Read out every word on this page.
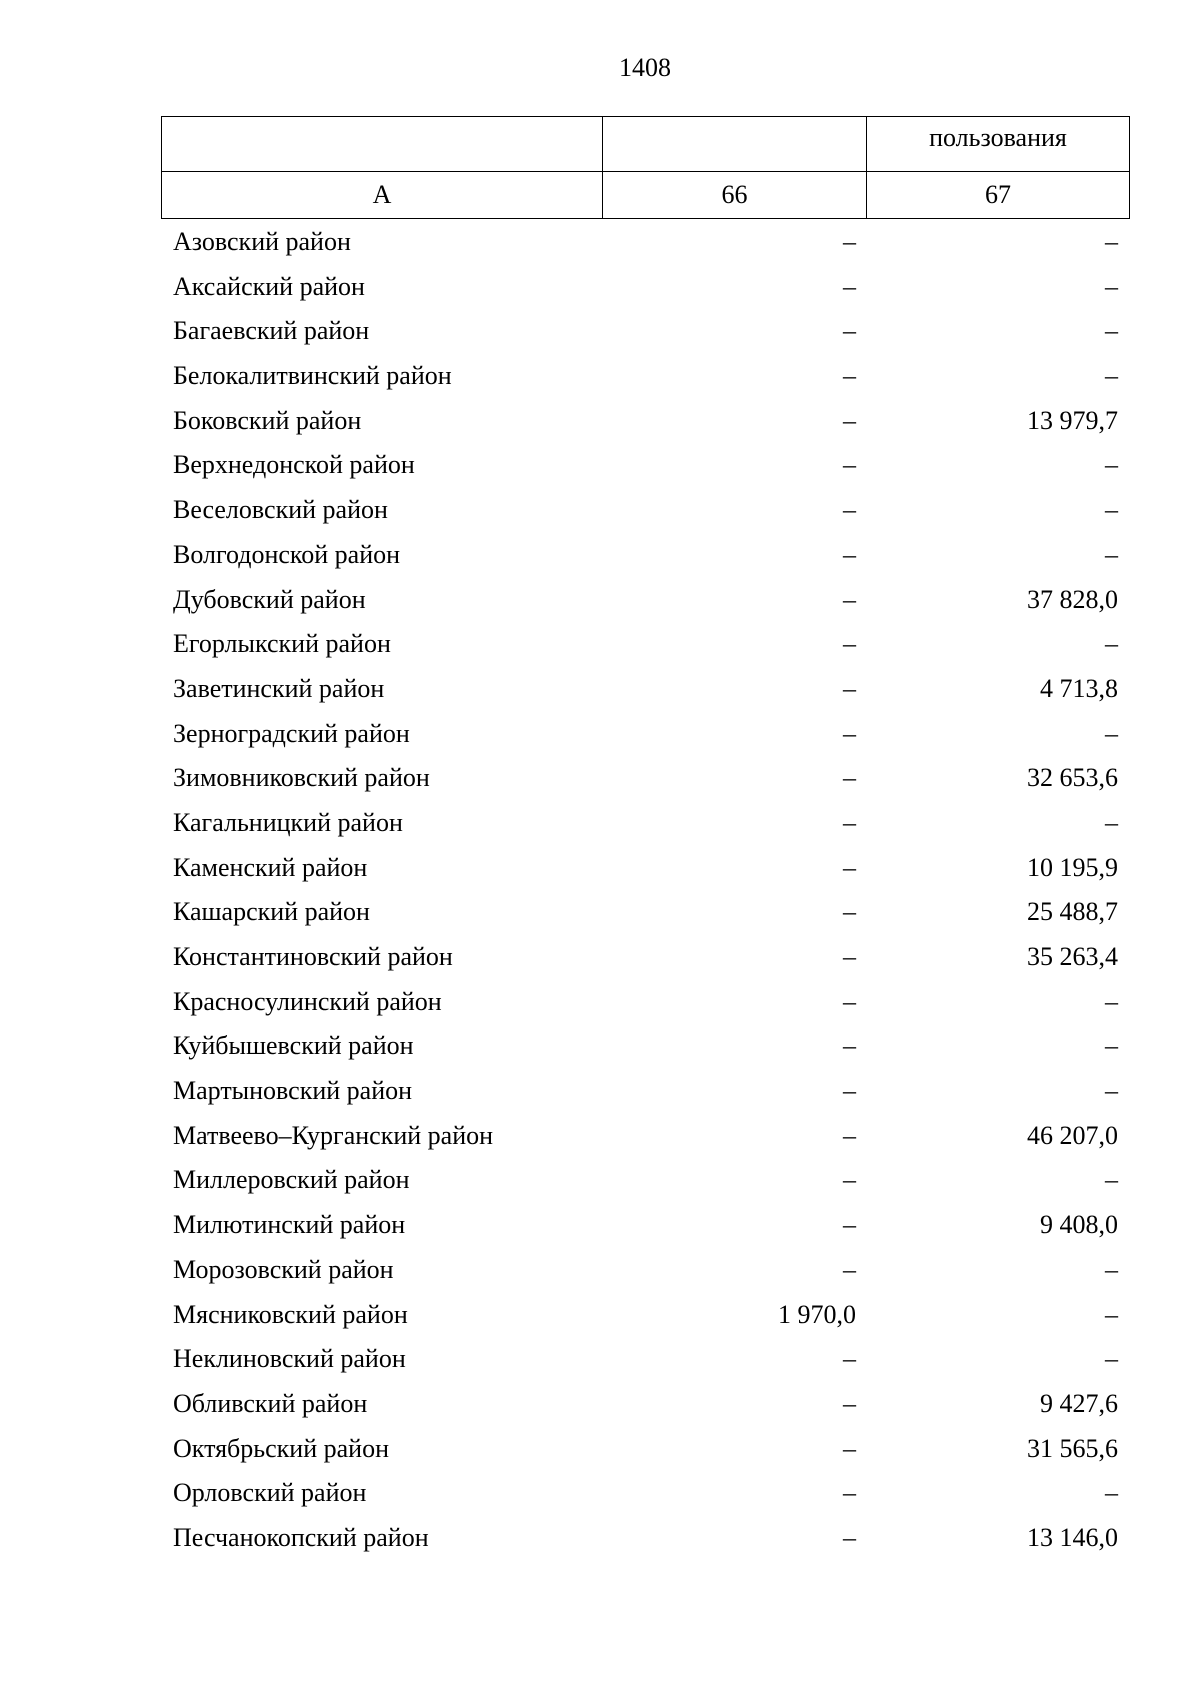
1408
		пользования
А	66	67
Азовский район	–	–
Аксайский район	–	–
Багаевский район	–	–
Белокалитвинский район	–	–
Боковский район	–	13 979,7
Верхнедонской район	–	–
Веселовский район	–	–
Волгодонской район	–	–
Дубовский район	–	37 828,0
Егорлыкский район	–	–
Заветинский район	–	4 713,8
Зерноградский район	–	–
Зимовниковский район	–	32 653,6
Кагальницкий район	–	–
Каменский район	–	10 195,9
Кашарский район	–	25 488,7
Константиновский район	–	35 263,4
Красносулинский район	–	–
Куйбышевский район	–	–
Мартыновский район	–	–
Матвеево–Курганский район	–	46 207,0
Миллеровский район	–	–
Милютинский район	–	9 408,0
Морозовский район	–	–
Мясниковский район	1 970,0	–
Неклиновский район	–	–
Обливский район	–	9 427,6
Октябрьский район	–	31 565,6
Орловский район	–	–
Песчанокопский район	–	13 146,0
